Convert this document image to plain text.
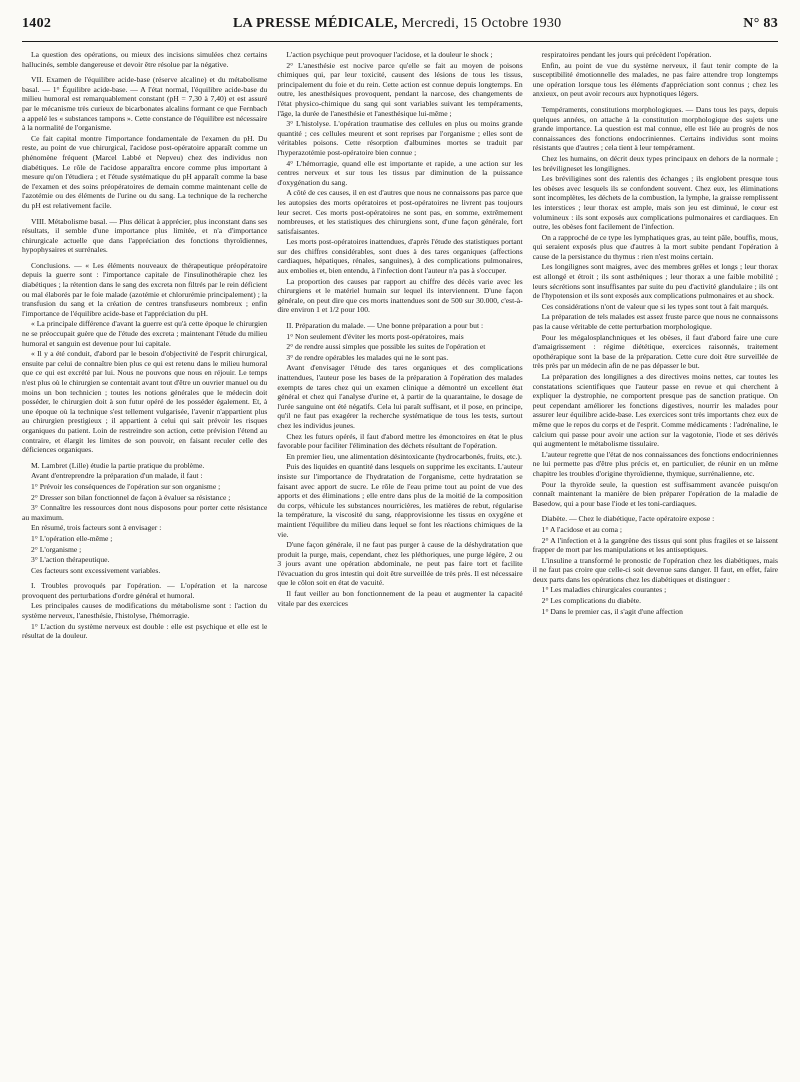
1402	LA PRESSE MÉDICALE, Mercredi, 15 Octobre 1930	N° 83

La question des opérations, ou mieux des incisions simulées chez certains hallucinés, semble dangereuse et devoir être résolue par la négative.

VII. Examen de l'équilibre acide-base (réserve alcaline) et du métabolisme basal. — 1° Équilibre acide-base. — A l'état normal, l'équilibre acide-base du milieu humoral est remarquablement constant (pH = 7,30 à 7,40) et est assuré par le mécanisme très curieux de bicarbonates alcalins formant ce que Fernbach a appelé les « substances tampons ». Cette constance de l'équilibre est nécessaire à la normalité de l'organisme.

Ce fait capital montre l'importance fondamentale de l'examen du pH. Du reste, au point de vue chirurgical, l'acidose post-opératoire apparaît comme un phénomène fréquent (Marcel Labbé et Nepveu) chez des individus non diabétiques. Le rôle de l'acidose apparaîtra encore comme plus important à mesure qu'on l'étudiera ; et l'étude systématique du pH apparaît comme la base de l'examen et des soins préopératoires de demain comme maintenant celle de l'azotémie ou des éléments de l'urine ou du sang. La technique de la recherche du pH est relativement facile.

VIII. Métabolisme basal. — Plus délicat à apprécier, plus inconstant dans ses résultats, il semble d'une importance plus limitée, et n'a d'importance chirurgicale actuelle que dans l'appréciation des fonctions thyroïdiennes, hypophysaires et surrénales.

Conclusions. — « Les éléments nouveaux de thérapeutique préopératoire depuis la guerre sont : l'importance capitale de l'insulinothérapie chez les diabétiques ; la rétention dans le sang des excreta non filtrés par le rein déficient ou mal élaborés par le foie malade (azotémie et chlorurémie principalement) ; la transfusion du sang et la création de centres transfuseurs nombreux ; enfin l'importance de l'équilibre acide-base et l'appréciation du pH.

« La principale différence d'avant la guerre est qu'à cette époque le chirurgien ne se préoccupait guère que de l'étude des excreta ; maintenant l'étude du milieu humoral et sanguin est devenue pour lui capitale.

« Il y a été conduit, d'abord par le besoin d'objectivité de l'esprit chirurgical, ensuite par celui de connaître bien plus ce qui est retenu dans le milieu humoral que ce qui est excrété par lui. Nous ne pouvons que nous en réjouir. Le temps n'est plus où le chirurgien se contentait avant tout d'être un ouvrier manuel ou du moins un bon technicien ; toutes les notions générales que le médecin doit posséder, le chirurgien doit à son futur opéré de les posséder également. Et, à une époque où la technique s'est tellement vulgarisée, l'avenir n'appartient plus au chirurgien prestigieux ; il appartient à celui qui sait prévoir les risques organiques du patient. Loin de restreindre son action, cette prévision l'étend au contraire, et élargit les limites de son pouvoir, en faisant reculer celle des déficiences organiques.

M. Lambret (Lille) étudie la partie pratique du problème.

Avant d'entreprendre la préparation d'un malade, il faut :

1° Prévoir les conséquences de l'opération sur son organisme ;

2° Dresser son bilan fonctionnel de façon à évaluer sa résistance ;

3° Connaître les ressources dont nous disposons pour porter cette résistance au maximum.

En résumé, trois facteurs sont à envisager :

1° L'opération elle-même ;

2° L'organisme ;

3° L'action thérapeutique.

Ces facteurs sont excessivement variables.

I. Troubles provoqués par l'opération. — L'opération et la narcose provoquent des perturbations d'ordre général et humoral.

Les principales causes de modifications du métabolisme sont : l'action du système nerveux, l'anesthésie, l'histolyse, l'hémorragie.

1° L'action du système nerveux est double : elle est psychique et elle est le résultat de la douleur.

L'action psychique peut provoquer l'acidose, et la douleur le shock ;

2° L'anesthésie est nocive parce qu'elle se fait au moyen de poisons chimiques qui, par leur toxicité, causent des lésions de tous les tissus, principalement du foie et du rein. Cette action est connue depuis longtemps. En outre, les anesthésiques provoquent, pendant la narcose, des changements de l'état physico-chimique du sang qui sont variables suivant les tempéraments, l'âge, la durée de l'anesthésie et l'anesthésique lui-même ;

3° L'histolyse. L'opération traumatise des cellules en plus ou moins grande quantité ; ces cellules meurent et sont reprises par l'organisme ; elles sont de véritables poisons. Cette résorption d'albumines mortes se traduit par l'hyperazotémie post-opératoire bien connue ;

4° L'hémorragie, quand elle est importante et rapide, a une action sur les centres nerveux et sur tous les tissus par diminution de la puissance d'oxygénation du sang.

A côté de ces causes, il en est d'autres que nous ne connaissons pas parce que les autopsies des morts opératoires et post-opératoires ne livrent pas toujours leur secret. Ces morts post-opératoires ne sont pas, en somme, extrêmement nombreuses, et les statistiques des chirurgiens sont, d'une façon générale, fort satisfaisantes.

Les morts post-opératoires inattendues, d'après l'étude des statistiques portant sur des chiffres considérables, sont dues à des tares organiques (affections cardiaques, hépatiques, rénales, sanguines), à des complications pulmonaires, aux embolies et, bien entendu, à l'infection dont l'auteur n'a pas à s'occuper.

La proportion des causes par rapport au chiffre des décès varie avec les chirurgiens et le matériel humain sur lequel ils interviennent. D'une façon générale, on peut dire que ces morts inattendues sont de 500 sur 30.000, c'est-à-dire environ 1 et 1/2 pour 100.

II. Préparation du malade. — Une bonne préparation a pour but :

1° Non seulement d'éviter les morts post-opératoires, mais

2° de rendre aussi simples que possible les suites de l'opération et

3° de rendre opérables les malades qui ne le sont pas.

Avant d'envisager l'étude des tares organiques et des complications inattendues, l'auteur pose les bases de la préparation à l'opération des malades exempts de tares chez qui un examen clinique a démontré un excellent état général et chez qui l'analyse d'urine et, à partir de la quarantaine, le dosage de l'urée sanguine ont été négatifs. Cela lui paraît suffisant, et il pose, en principe, qu'il ne faut pas exagérer la recherche systématique de tous les tests, surtout chez les individus jeunes.

Chez les futurs opérés, il faut d'abord mettre les émonctoires en état le plus favorable pour faciliter l'élimination des déchets résultant de l'opération.

En premier lieu, une alimentation désintoxicante (hydrocarbonés, fruits, etc.).

Puis des liquides en quantité dans lesquels on supprime les excitants. L'auteur insiste sur l'importance de l'hydratation de l'organisme, cette hydratation se faisant avec apport de sucre. Le rôle de l'eau prime tout au point de vue des apports et des éliminations ; elle entre dans plus de la moitié de la composition du corps, véhicule les substances nourricières, les matières de rebut, régularise la température, la viscosité du sang, réapprovisionne les tissus en oxygène et maintient l'équilibre du milieu dans lequel se font les réactions chimiques de la vie.

D'une façon générale, il ne faut pas purger à cause de la déshydratation que produit la purge, mais, cependant, chez les pléthoriques, une purge légère, 2 ou 3 jours avant une opération abdominale, ne peut pas faire tort et facilite l'évacuation du gros intestin qui doit être surveillée de très près. Il est nécessaire que le côlon soit en état de vacuité.

Il faut veiller au bon fonctionnement de la peau et augmenter la capacité vitale par des exercices

respiratoires pendant les jours qui précèdent l'opération.

Enfin, au point de vue du système nerveux, il faut tenir compte de la susceptibilité émotionnelle des malades, ne pas faire attendre trop longtemps une opération lorsque tous les éléments d'appréciation sont connus ; chez les anxieux, on peut avoir recours aux hypnotiques légers.

Tempéraments, constitutions morphologiques. — Dans tous les pays, depuis quelques années, on attache à la constitution morphologique des sujets une grande importance. La question est mal connue, elle est liée au progrès de nos connaissances des fonctions endocriniennes. Certains individus sont moins résistants que d'autres ; cela tient à leur tempérament.

Chez les humains, on décrit deux types principaux en dehors de la normale ; les bréviligneset les longilignes.

Les bréviligines sont des ralentis des échanges ; ils englobent presque tous les obèses avec lesquels ils se confondent souvent. Chez eux, les éliminations sont incomplètes, les déchets de la combustion, la lymphe, la graisse remplissent les interstices ; leur thorax est ample, mais son jeu est diminué, le cœur est volumineux : ils sont exposés aux complications pulmonaires et cardiaques. En outre, les obèses font facilement de l'infection.

On a rapproché de ce type les lymphatiques gras, au teint pâle, bouffis, mous, qui seraient exposés plus que d'autres à la mort subite pendant l'opération à cause de la persistance du thymus : rien n'est moins certain.

Les longilignes sont maigres, avec des membres grêles et longs ; leur thorax est allongé et étroit ; ils sont asthéniques ; leur thorax a une faible mobilité ; leurs sécrétions sont insuffisantes par suite du peu d'activité glandulaire ; ils ont de l'hypotension et ils sont exposés aux complications pulmonaires et au shock.

Ces considérations n'ont de valeur que si les types sont tout à fait marqués.

La préparation de tels malades est assez fruste parce que nous ne connaissons pas la cause véritable de cette perturbation morphologique.

Pour les mégalosplanchniques et les obèses, il faut d'abord faire une cure d'amaigrissement : régime diététique, exercices raisonnés, traitement opothérapique sont la base de la préparation. Cette cure doit être surveillée de très près par un médecin afin de ne pas dépasser le but.

La préparation des longilignes a des directives moins nettes, car toutes les constatations scientifiques que l'auteur passe en revue et qui cherchent à expliquer la dystrophie, ne comportent presque pas de sanction pratique. On peut cependant améliorer les fonctions digestives, nourrir les malades pour assurer leur équilibre acide-base. Les exercices sont très importants chez eux de même que le repos du corps et de l'esprit. Comme médicaments : l'adrénaline, le calcium qui passe pour avoir une action sur la vagotonie, l'iode et ses dérivés qui augmentent le métabolisme tissulaire.

L'auteur regrette que l'état de nos connaissances des fonctions endocriniennes ne lui permette pas d'être plus précis et, en particulier, de réunir en un même chapitre les troubles d'origine thyroïdienne, thymique, surrénalienne, etc.

Pour la thyroïde seule, la question est suffisamment avancée puisqu'on connaît maintenant la manière de bien préparer l'opération de la maladie de Basedow, qui a pour base l'iode et les toni-cardiaques.

Diabète. — Chez le diabétique, l'acte opératoire expose :

1° A l'acidose et au coma ;

2° A l'infection et à la gangrène des tissus qui sont plus fragiles et se laissent frapper de mort par les manipulations et les antiseptiques.

L'insuline a transformé le pronostic de l'opération chez les diabétiques, mais il ne faut pas croire que celle-ci soit devenue sans danger. Il faut, en effet, faire deux parts dans les opérations chez les diabétiques et distinguer :

1° Les maladies chirurgicales courantes ;

2° Les complications du diabète.

1° Dans le premier cas, il s'agit d'une affection
